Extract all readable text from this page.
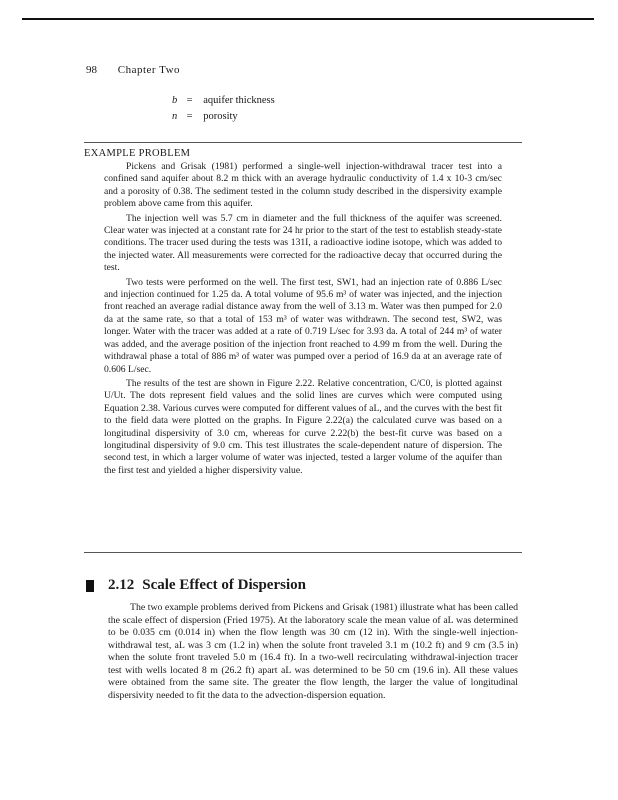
98 Chapter Two
b = aquifer thickness
n = porosity
EXAMPLE PROBLEM

Pickens and Grisak (1981) performed a single-well injection-withdrawal tracer test into a confined sand aquifer about 8.2 m thick with an average hydraulic conductivity of 1.4 x 10-3 cm/sec and a porosity of 0.38. The sediment tested in the column study described in the dispersivity example problem above came from this aquifer.

The injection well was 5.7 cm in diameter and the full thickness of the aquifer was screened. Clear water was injected at a constant rate for 24 hr prior to the start of the test to establish steady-state conditions. The tracer used during the tests was 131I, a radioactive iodine isotope, which was added to the injected water. All measurements were corrected for the radioactive decay that occurred during the test.

Two tests were performed on the well. The first test, SW1, had an injection rate of 0.886 L/sec and injection continued for 1.25 da. A total volume of 95.6 m³ of water was injected, and the injection front reached an average radial distance away from the well of 3.13 m. Water was then pumped for 2.0 da at the same rate, so that a total of 153 m³ of water was withdrawn. The second test, SW2, was longer. Water with the tracer was added at a rate of 0.719 L/sec for 3.93 da. A total of 244 m³ of water was added, and the average position of the injection front reached to 4.99 m from the well. During the withdrawal phase a total of 886 m³ of water was pumped over a period of 16.9 da at an average rate of 0.606 L/sec.

The results of the test are shown in Figure 2.22. Relative concentration, C/C0, is plotted against U/Ut. The dots represent field values and the solid lines are curves which were computed using Equation 2.38. Various curves were computed for different values of aL, and the curves with the best fit to the field data were plotted on the graphs. In Figure 2.22(a) the calculated curve was based on a longitudinal dispersivity of 3.0 cm, whereas for curve 2.22(b) the best-fit curve was based on a longitudinal dispersivity of 9.0 cm. This test illustrates the scale-dependent nature of dispersion. The second test, in which a larger volume of water was injected, tested a larger volume of the aquifer than the first test and yielded a higher dispersivity value.

2.12 Scale Effect of Dispersion

The two example problems derived from Pickens and Grisak (1981) illustrate what has been called the scale effect of dispersion (Fried 1975). At the laboratory scale the mean value of aL was determined to be 0.035 cm (0.014 in) when the flow length was 30 cm (12 in). With the single-well injection-withdrawal test, aL was 3 cm (1.2 in) when the solute front traveled 3.1 m (10.2 ft) and 9 cm (3.5 in) when the solute front traveled 5.0 m (16.4 ft). In a two-well recirculating withdrawal-injection tracer test with wells located 8 m (26.2 ft) apart aL was determined to be 50 cm (19.6 in). All these values were obtained from the same site. The greater the flow length, the larger the value of longitudinal dispersivity needed to fit the data to the advection-dispersion equation.
